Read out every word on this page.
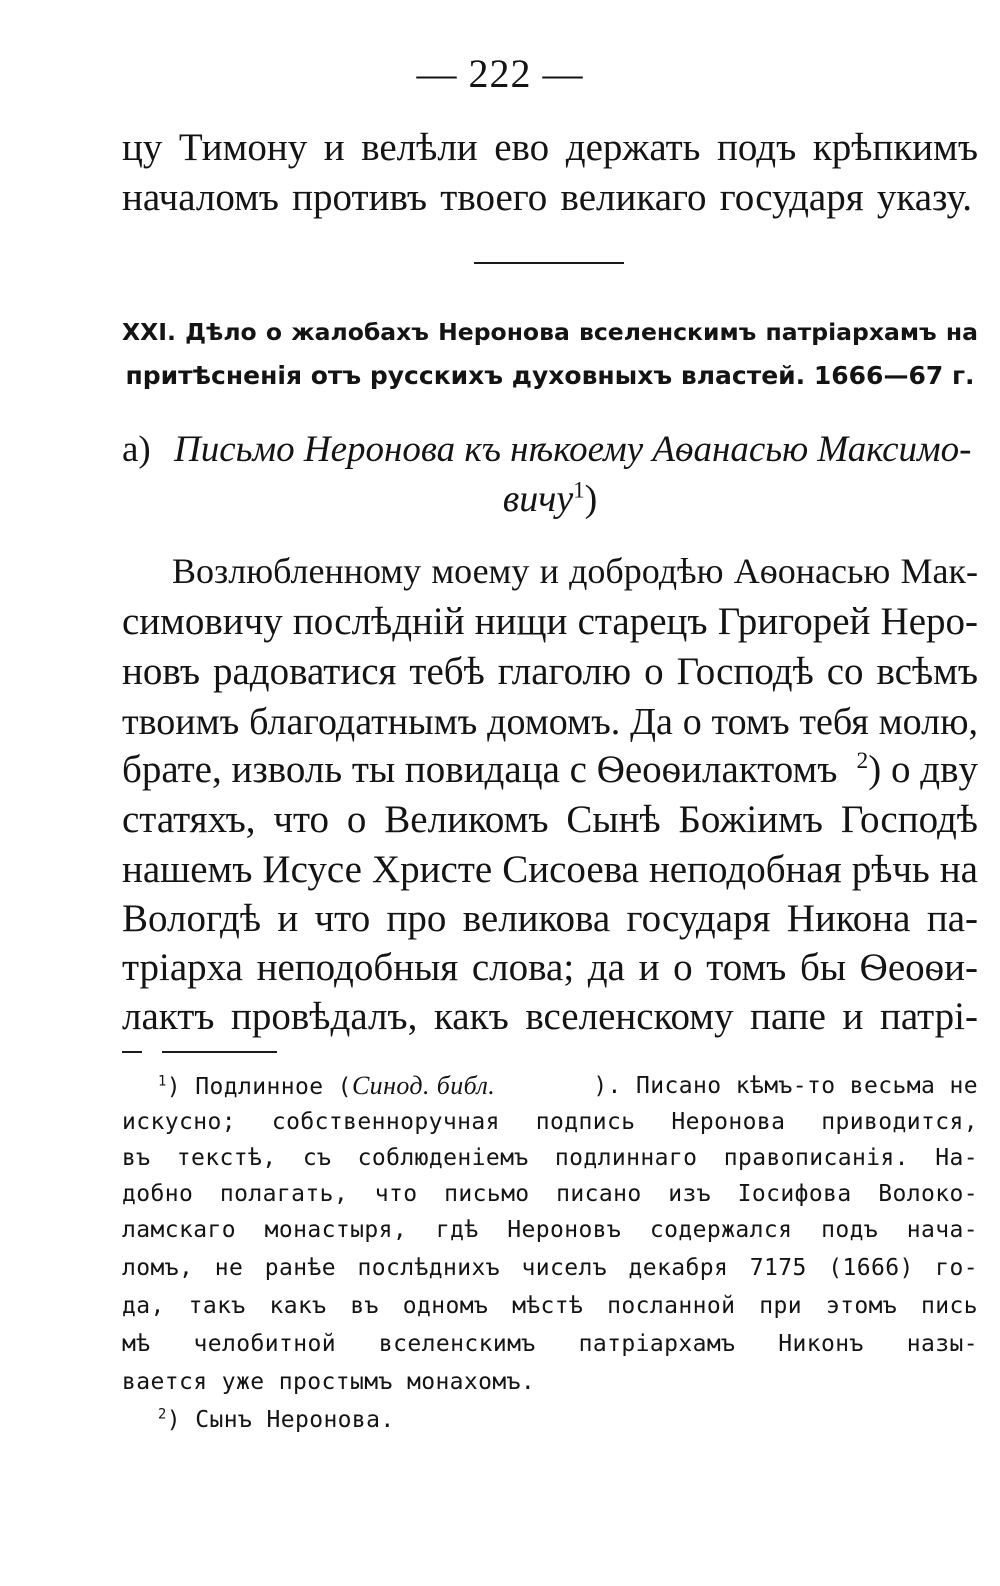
— 222 —
цу Тимону и велѣли ево держать подъ крѣпкимъ
началомъ противъ твоего великаго государя указу.
XXI. Дѣло о жалобахъ Неронова вселенскимъ патріархамъ на
притѣсненія отъ русскихъ духовныхъ властей. 1666—67 г.
а) Письмо Неронова къ нѣкоему Аѳанасью Максимо-
вичу$^1$)
Возлюбленному моему и добродѣю Аѳонасью Мак-
симовичу послѣдній нищи старецъ Григорей Неро-
новъ радоватися тебѣ глаголю о Господѣ со всѣмъ
твоимъ благодатнымъ домомъ. Да о томъ тебя молю,
брате, изволь ты повидаца с Ѳеоѳилактомъ $^2$) о двy
статяхъ, что о Великомъ Сынѣ Божіимъ Господѣ
нашемъ Исусе Христе Сисоева неподобная рѣчь на
Вологдѣ и что про великова государя Никона па-
тріарха неподобныя слова; да и о томъ бы Ѳеоѳи-
лактъ провѣдалъ, какъ вселенскому папе и патрі-
$^1$) Подлинное (Синод. библ.	). Писано кѣмъ-то весьма не
искусно; собственноручная подпись Неронова приводится,
въ текстѣ, съ соблюденіемъ подлиннаго правописанія. На-
добно полагать, что письмо писано изъ Іосифова Волоко-
ламскаго монастыря, гдѣ Нероновъ содержался подъ нача-
ломъ, не ранѣе послѣднихъ чиселъ декабря 7175 (1666) го-
да, такъ какъ въ одномъ мѣстѣ посланной при этомъ пись
мѣ челобитной вселенскимъ патріархамъ Никонъ назы-
вается уже простымъ монахомъ.
$^2$) Сынъ Неронова.
